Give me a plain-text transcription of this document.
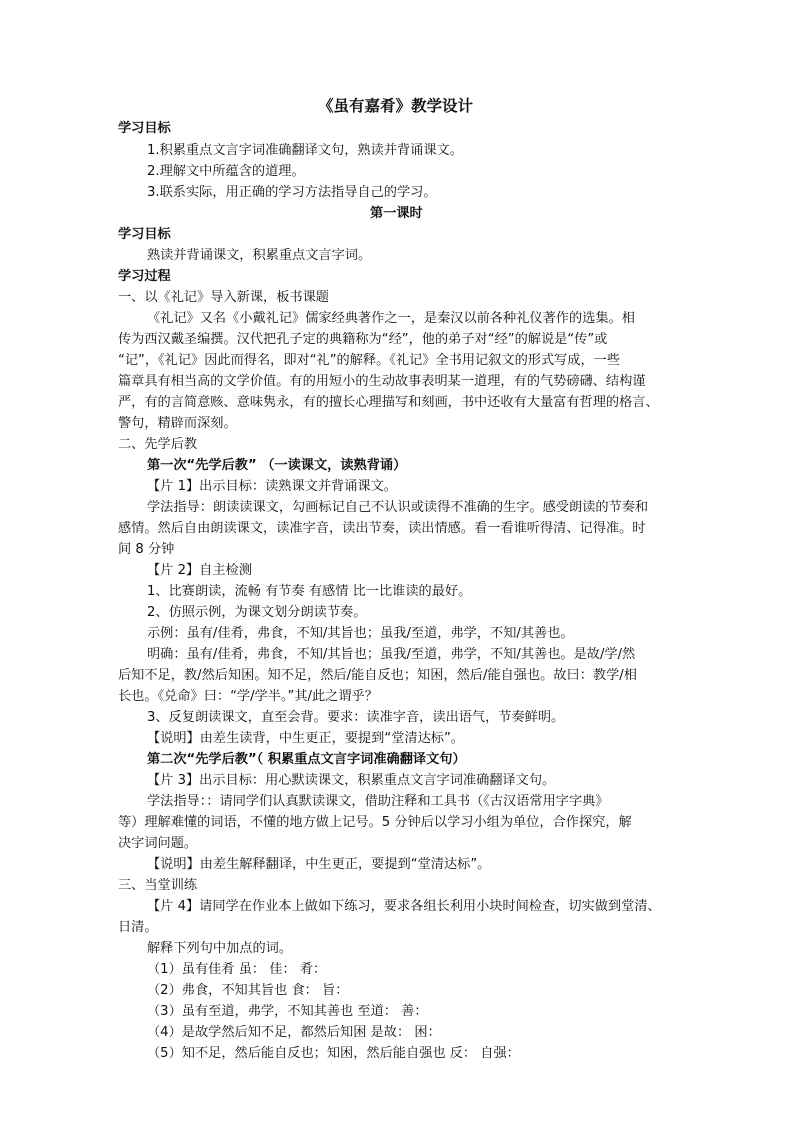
《虽有嘉肴》教学设计
学习目标
1.积累重点文言字词准确翻译文句，熟读并背诵课文。
2.理解文中所蕴含的道理。
3.联系实际，用正确的学习方法指导自己的学习。
第一课时
学习目标
熟读并背诵课文，积累重点文言字词。
学习过程
一、以《礼记》导入新课，板书课题
《礼记》又名《小戴礼记》儒家经典著作之一，是秦汉以前各种礼仪著作的选集。相
传为西汉戴圣编撰。汉代把孔子定的典籍称为“经”，他的弟子对“经”的解说是“传”或
“记”，《礼记》因此而得名，即对“礼”的解释。《礼记》全书用记叙文的形式写成，一些
篇章具有相当高的文学价值。有的用短小的生动故事表明某一道理，有的气势磅礴、结构谨
严，有的言简意赅、意味隽永，有的擅长心理描写和刻画，书中还收有大量富有哲理的格言、
警句，精辟而深刻。
二、先学后教
第一次“先学后教” （一读课文，读熟背诵）
【片 1】出示目标：读熟课文并背诵课文。
学法指导：朗读读课文，勾画标记自己不认识或读得不准确的生字。感受朗读的节奏和
感情。然后自由朗读课文，读准字音，读出节奏，读出情感。看一看谁听得清、记得准。时
间 8 分钟
【片 2】自主检测
1、比赛朗读，流畅 有节奏 有感情 比一比谁读的最好。
2、仿照示例，为课文划分朗读节奏。
示例：虽有/佳肴，弗食，不知/其旨也；虽我/至道，弗学，不知/其善也。
明确：虽有/佳肴，弗食，不知/其旨也；虽我/至道，弗学，不知/其善也。是故/学/然
后知不足，教/然后知困。知不足，然后/能自反也；知困，然后/能自强也。故曰：教学/相
长也。《兑命》曰：“学/学半。”其/此之谓乎？
3、反复朗读课文，直至会背。要求：读准字音，读出语气，节奏鲜明。
【说明】由差生读背，中生更正，要提到“堂清达标”。
第二次“先学后教”（ 积累重点文言字词准确翻译文句）
【片 3】出示目标：用心默读课文，积累重点文言字词准确翻译文句。
学法指导：：请同学们认真默读课文，借助注释和工具书（《古汉语常用字字典》
等）理解难懂的词语，不懂的地方做上记号。5 分钟后以学习小组为单位，合作探究，解
决字词问题。
【说明】由差生解释翻译，中生更正，要提到“堂清达标”。
三、当堂训练
【片 4】请同学在作业本上做如下练习，要求各组长利用小块时间检查，切实做到堂清、
日清。
解释下列句中加点的词。
（1）虽有佳肴 虽： 佳： 肴：
（2）弗食，不知其旨也 食： 旨：
（3）虽有至道，弗学，不知其善也 至道： 善：
（4）是故学然后知不足，都然后知困 是故： 困：
（5）知不足，然后能自反也；知困，然后能自强也 反： 自强：
